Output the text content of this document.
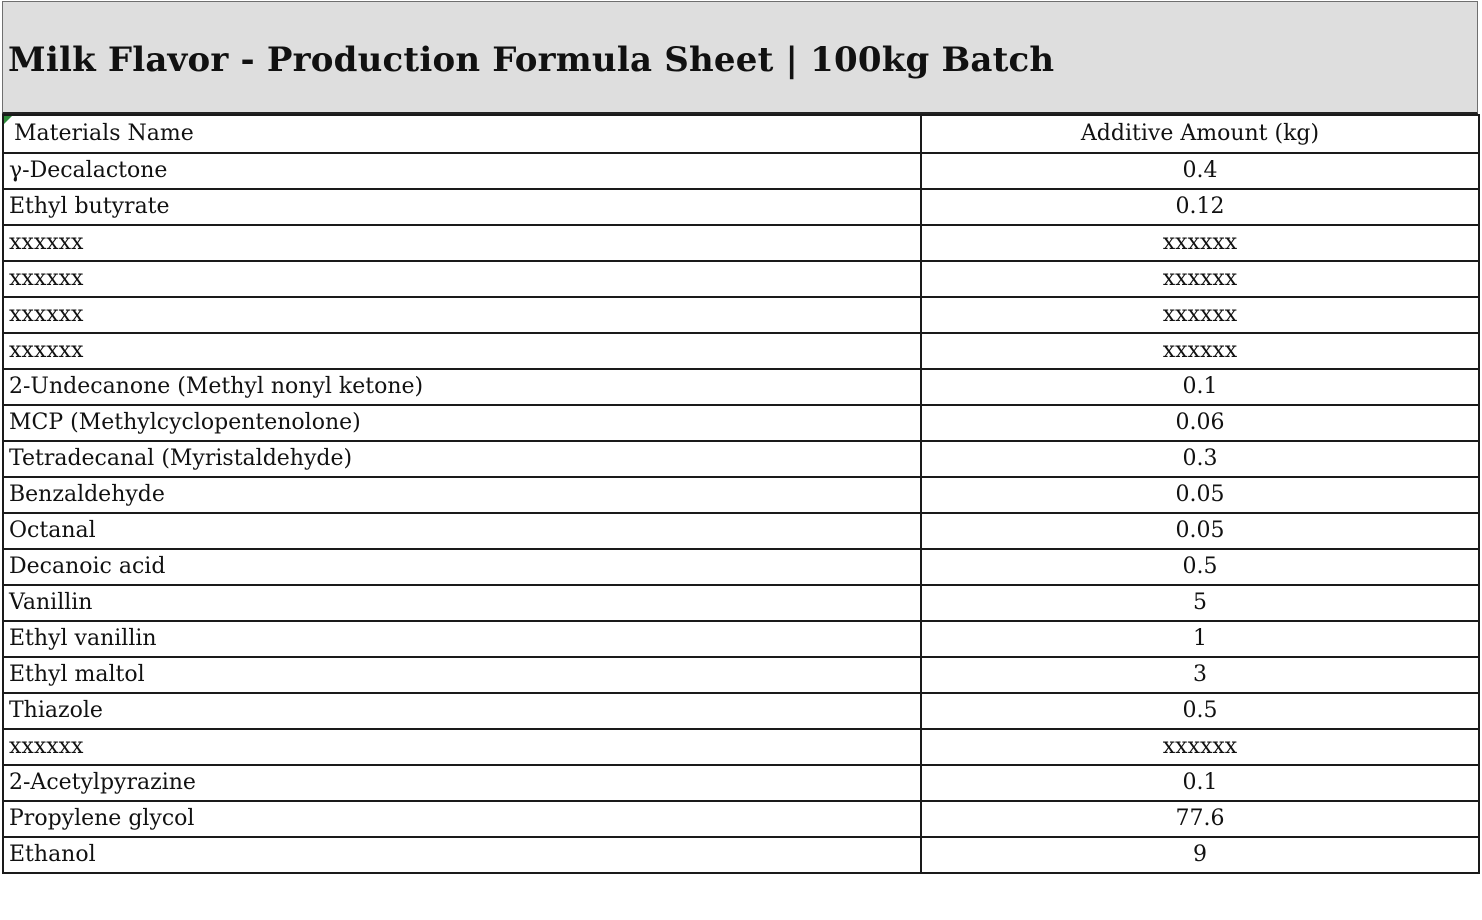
Milk Flavor - Production Formula Sheet | 100kg Batch
Materials Name	Additive Amount (kg)
γ-Decalactone	0.4
Ethyl butyrate	0.12
xxxxxx	xxxxxx
xxxxxx	xxxxxx
xxxxxx	xxxxxx
xxxxxx	xxxxxx
2-Undecanone (Methyl nonyl ketone)	0.1
MCP (Methylcyclopentenolone)	0.06
Tetradecanal (Myristaldehyde)	0.3
Benzaldehyde	0.05
Octanal	0.05
Decanoic acid	0.5
Vanillin	5
Ethyl vanillin	1
Ethyl maltol	3
Thiazole	0.5
xxxxxx	xxxxxx
2-Acetylpyrazine	0.1
Propylene glycol	77.6
Ethanol	9
